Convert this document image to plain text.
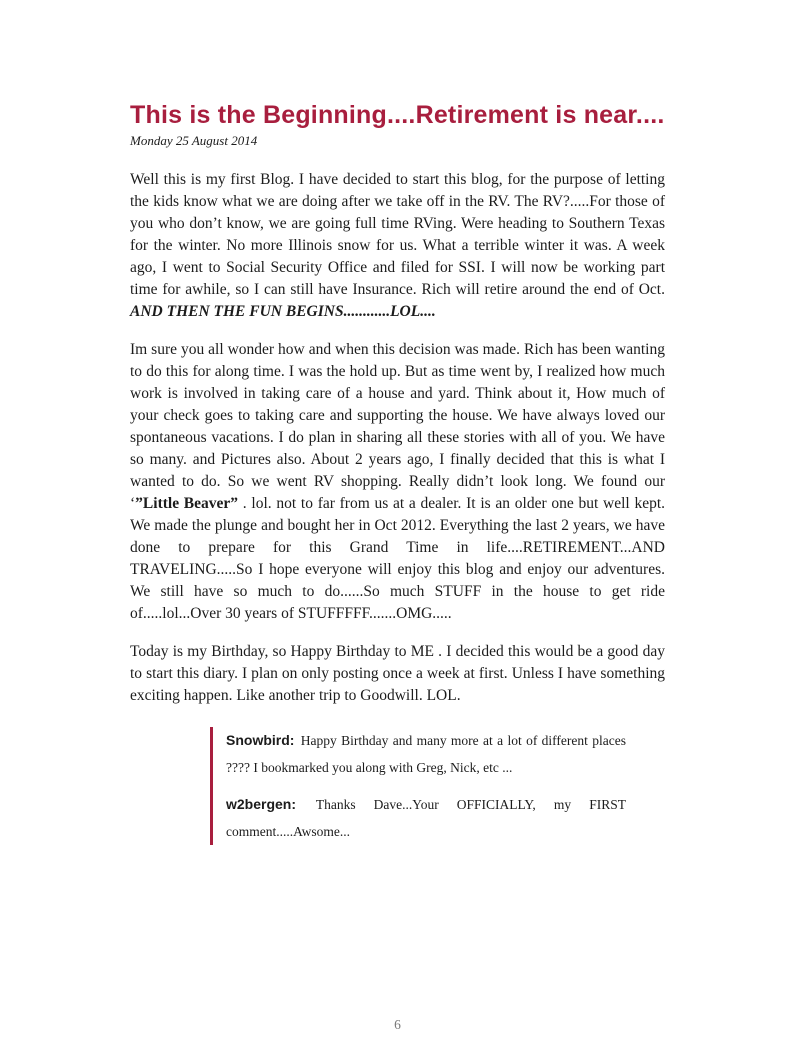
This is the Beginning....Retirement is near....
Monday 25 August 2014

Well this is my first Blog. I have decided to start this blog, for the purpose of letting the kids know what we are doing after we take off in the RV. The RV?.....For those of you who don’t know, we are going full time RVing. Were heading to Southern Texas for the winter. No more Illinois snow for us. What a terrible winter it was. A week ago, I went to Social Security Office and filed for SSI. I will now be working part time for awhile, so I can still have Insurance. Rich will retire around the end of Oct. AND THEN THE FUN BEGINS............LOL....

Im sure you all wonder how and when this decision was made. Rich has been wanting to do this for along time. I was the hold up. But as time went by, I realized how much work is involved in taking care of a house and yard. Think about it, How much of your check goes to taking care and supporting the house. We have always loved our spontaneous vacations. I do plan in sharing all these stories with all of you. We have so many. and Pictures also. About 2 years ago, I finally decided that this is what I wanted to do. So we went RV shopping. Really didn’t look long. We found our ‘”Little Beaver” . lol. not to far from us at a dealer. It is an older one but well kept. We made the plunge and bought her in Oct 2012. Everything the last 2 years, we have done to prepare for this Grand Time in life....RETIREMENT...AND TRAVELING.....So I hope everyone will enjoy this blog and enjoy our adventures. We still have so much to do......So much STUFF in the house to get ride of.....lol...Over 30 years of STUFFFFF.......OMG.....

Today is my Birthday, so Happy Birthday to ME . I decided this would be a good day to start this diary. I plan on only posting once a week at first. Unless I have something exciting happen. Like another trip to Goodwill. LOL.

Snowbird: Happy Birthday and many more at a lot of different places ???? I bookmarked you along with Greg, Nick, etc ...

w2bergen: Thanks Dave...Your OFFICIALLY, my FIRST comment.....Awsome...

6
